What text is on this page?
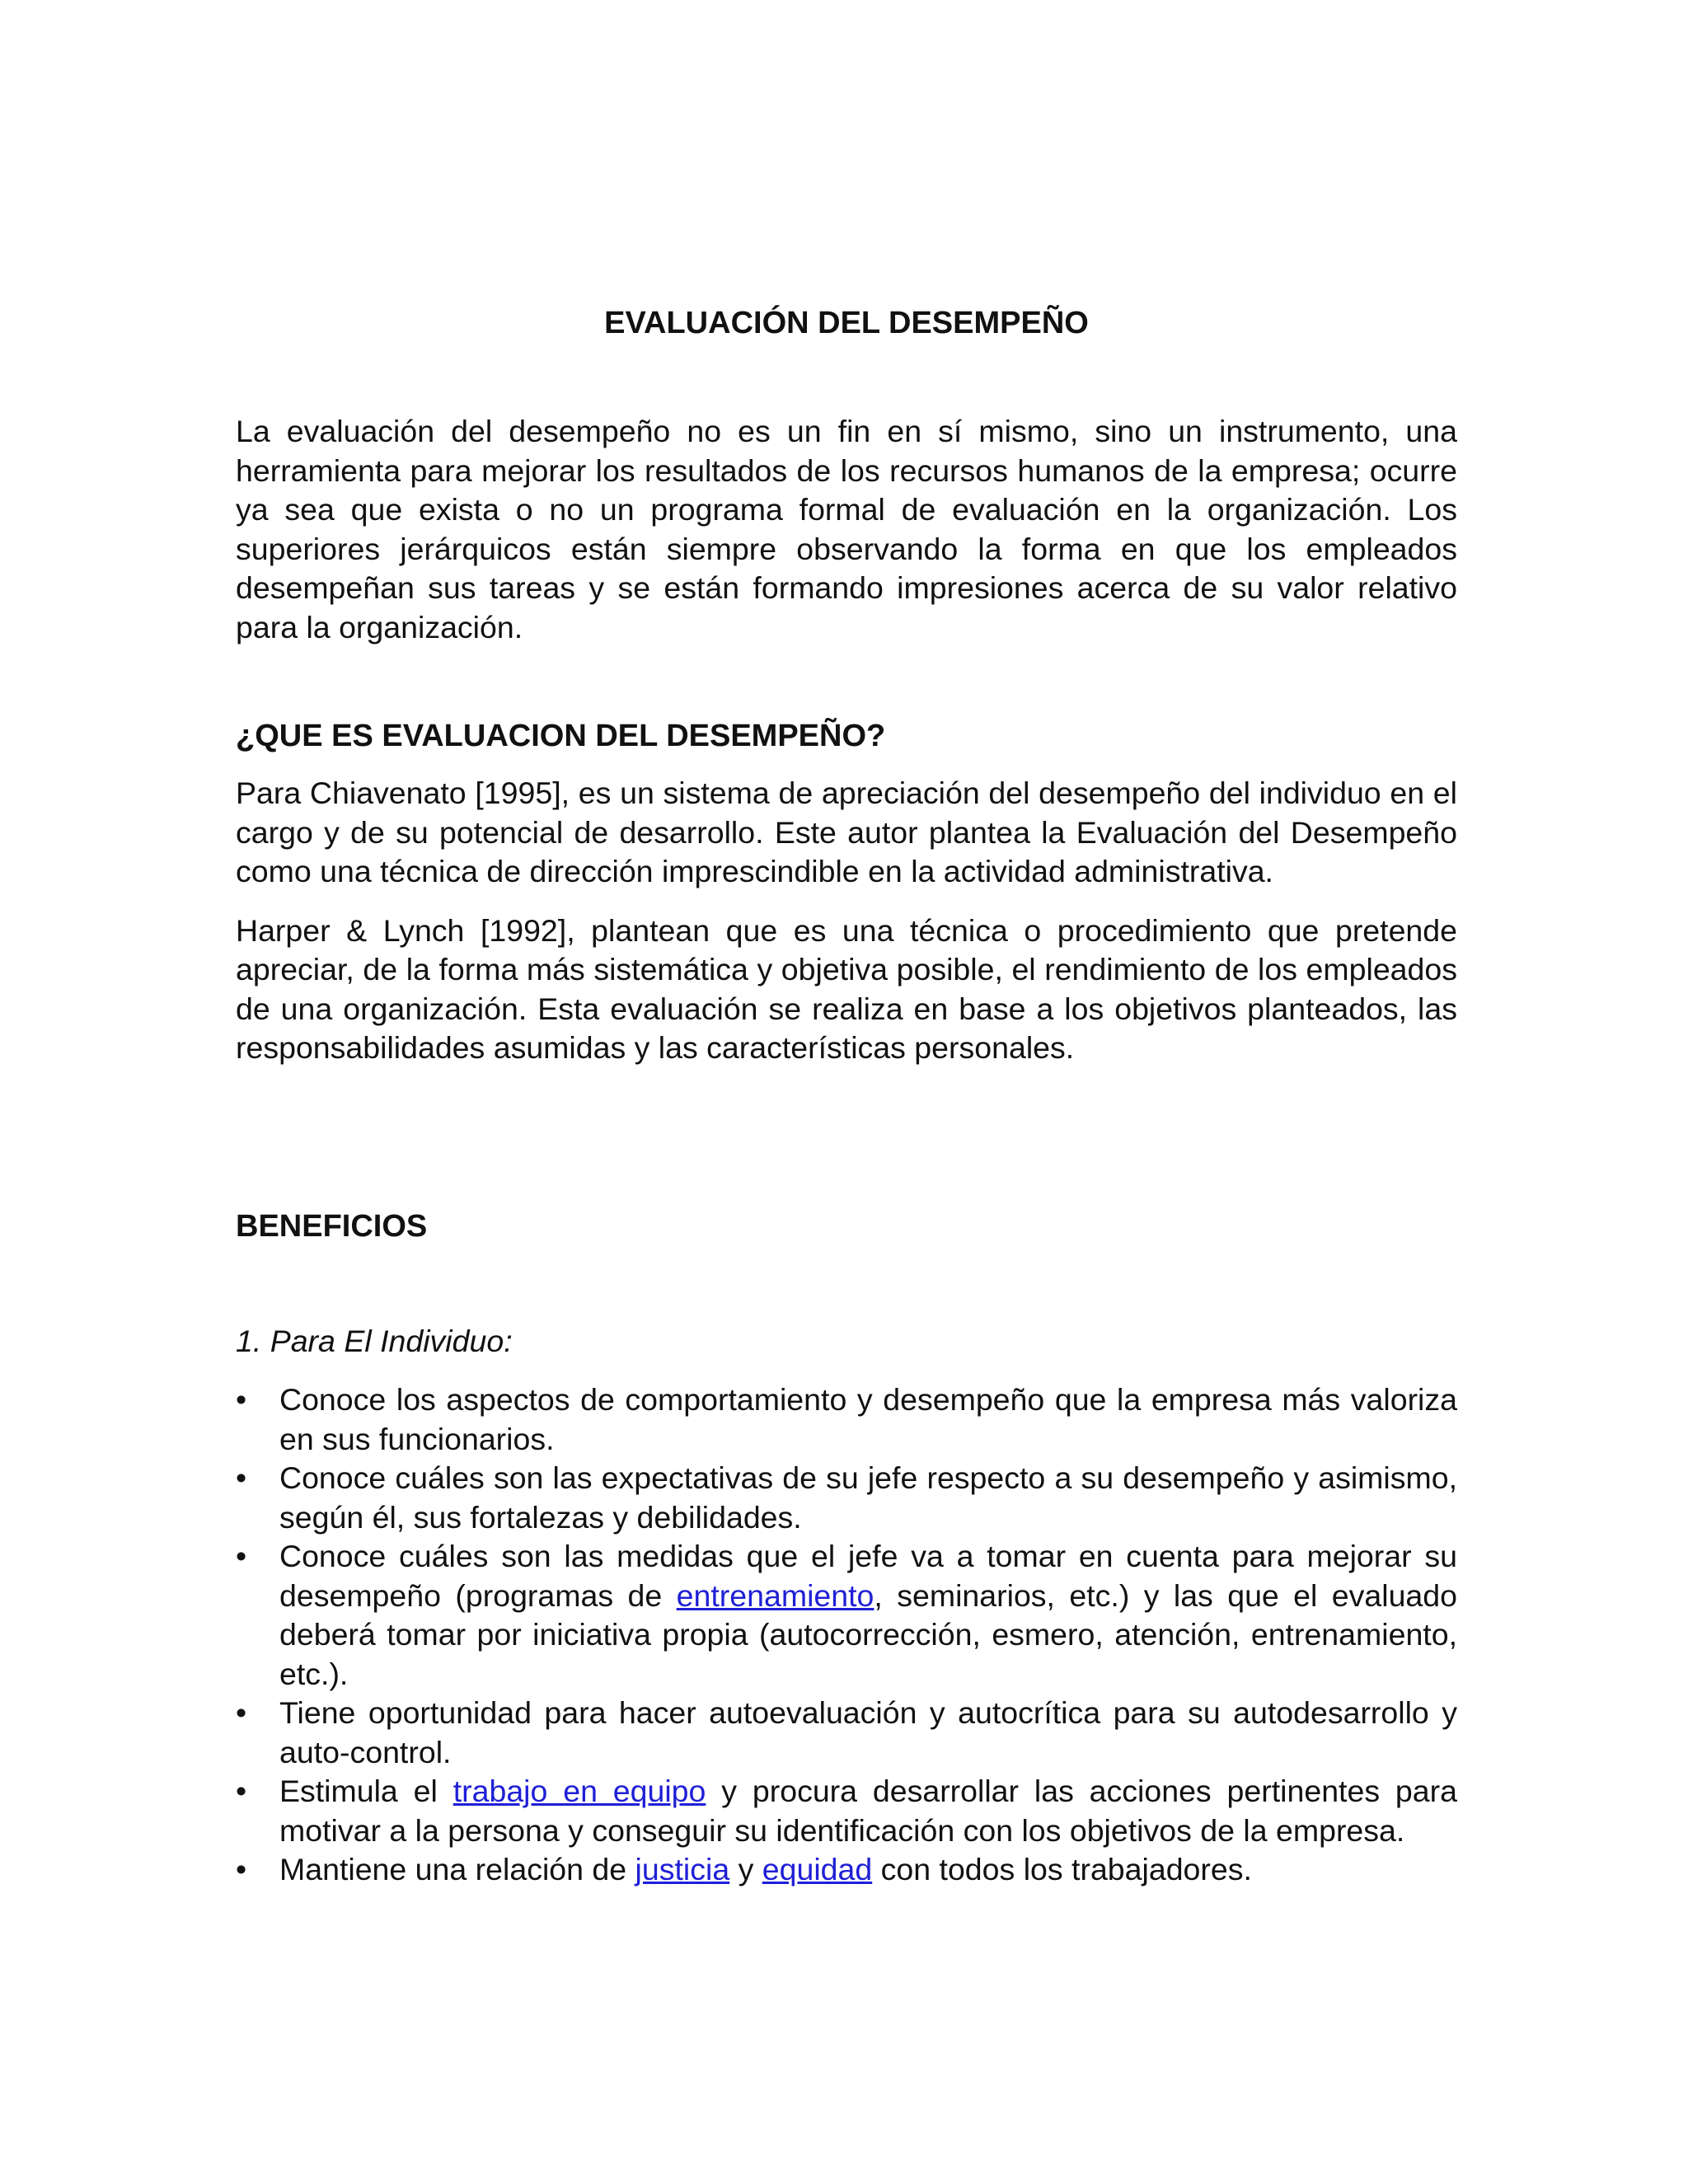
EVALUACIÓN DEL DESEMPEÑO

La evaluación del desempeño no es un fin en sí mismo, sino un instrumento, una herramienta para mejorar los resultados de los recursos humanos de la empresa; ocurre ya sea que exista o no un programa formal de evaluación en la organización. Los superiores jerárquicos están siempre observando la forma en que los empleados desempeñan sus tareas y se están formando impresiones acerca de su valor relativo para la organización.

¿QUE ES EVALUACION DEL DESEMPEÑO?

Para Chiavenato [1995], es un sistema de apreciación del desempeño del individuo en el cargo y de su potencial de desarrollo. Este autor plantea la Evaluación del Desempeño como una técnica de dirección imprescindible en la actividad administrativa.

Harper & Lynch [1992], plantean que es una técnica o procedimiento que pretende apreciar, de la forma más sistemática y objetiva posible, el rendimiento de los empleados de una organización. Esta evaluación se realiza en base a los objetivos planteados, las responsabilidades asumidas y las características personales.

BENEFICIOS
1. Para El Individuo:
•	Conoce los aspectos de comportamiento y desempeño que la empresa más valoriza en sus funcionarios.
•	Conoce cuáles son las expectativas de su jefe respecto a su desempeño y asimismo, según él, sus fortalezas y debilidades.
•	Conoce cuáles son las medidas que el jefe va a tomar en cuenta para mejorar su desempeño (programas de entrenamiento, seminarios, etc.) y las que el evaluado deberá tomar por iniciativa propia (autocorrección, esmero, atención, entrenamiento, etc.).
•	Tiene oportunidad para hacer autoevaluación y autocrítica para su autodesarrollo y auto-control.
•	Estimula el trabajo en equipo y procura desarrollar las acciones pertinentes para motivar a la persona y conseguir su identificación con los objetivos de la empresa.
•	Mantiene una relación de justicia y equidad con todos los trabajadores.
